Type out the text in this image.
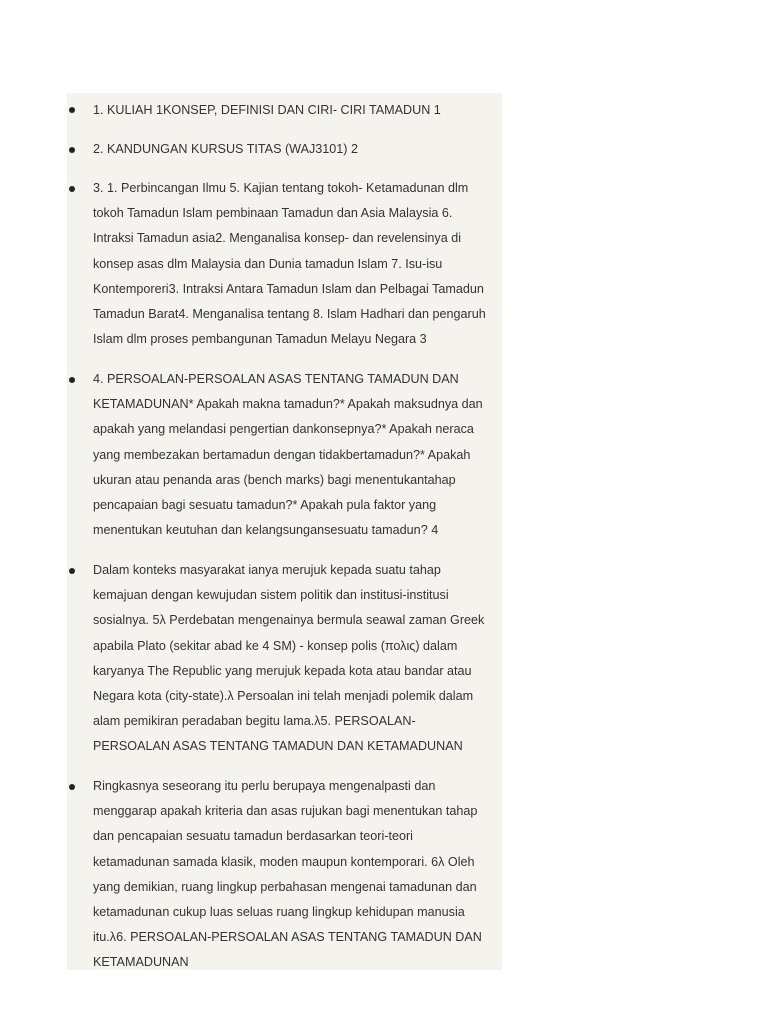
1. KULIAH 1KONSEP, DEFINISI DAN CIRI- CIRI TAMADUN 1

2. KANDUNGAN KURSUS TITAS (WAJ3101) 2

3. 1. Perbincangan Ilmu 5. Kajian tentang tokoh- Ketamadunan dlm
tokoh Tamadun Islam pembinaan Tamadun dan Asia Malaysia 6.
Intraksi Tamadun asia2. Menganalisa konsep- dan revelensinya di
konsep asas dlm Malaysia dan Dunia tamadun Islam 7. Isu-isu
Kontemporeri3. Intraksi Antara Tamadun Islam dan Pelbagai Tamadun
Tamadun Barat4. Menganalisa tentang 8. Islam Hadhari dan pengaruh
Islam dlm proses pembangunan Tamadun Melayu Negara 3

4. PERSOALAN-PERSOALAN ASAS TENTANG TAMADUN DAN
KETAMADUNAN* Apakah makna tamadun?* Apakah maksudnya dan
apakah yang melandasi pengertian dankonsepnya?* Apakah neraca
yang membezakan bertamadun dengan tidakbertamadun?* Apakah
ukuran atau penanda aras (bench marks) bagi menentukantahap
pencapaian bagi sesuatu tamadun?* Apakah pula faktor yang
menentukan keutuhan dan kelangsungansesuatu tamadun? 4

Dalam konteks masyarakat ianya merujuk kepada suatu tahap
kemajuan dengan kewujudan sistem politik dan institusi-institusi
sosialnya. 5λ Perdebatan mengenainya bermula seawal zaman Greek
apabila Plato (sekitar abad ke 4 SM) - konsep polis (πολις) dalam
karyanya The Republic yang merujuk kepada kota atau bandar atau
Negara kota (city-state).λ Persoalan ini telah menjadi polemik dalam
alam pemikiran peradaban begitu lama.λ5. PERSOALAN-
PERSOALAN ASAS TENTANG TAMADUN DAN KETAMADUNAN

Ringkasnya seseorang itu perlu berupaya mengenalpasti dan
menggarap apakah kriteria dan asas rujukan bagi menentukan tahap
dan pencapaian sesuatu tamadun berdasarkan teori-teori
ketamadunan samada klasik, moden maupun kontemporari. 6λ Oleh
yang demikian, ruang lingkup perbahasan mengenai tamadunan dan
ketamadunan cukup luas seluas ruang lingkup kehidupan manusia
itu.λ6. PERSOALAN-PERSOALAN ASAS TENTANG TAMADUN DAN
KETAMADUNAN
